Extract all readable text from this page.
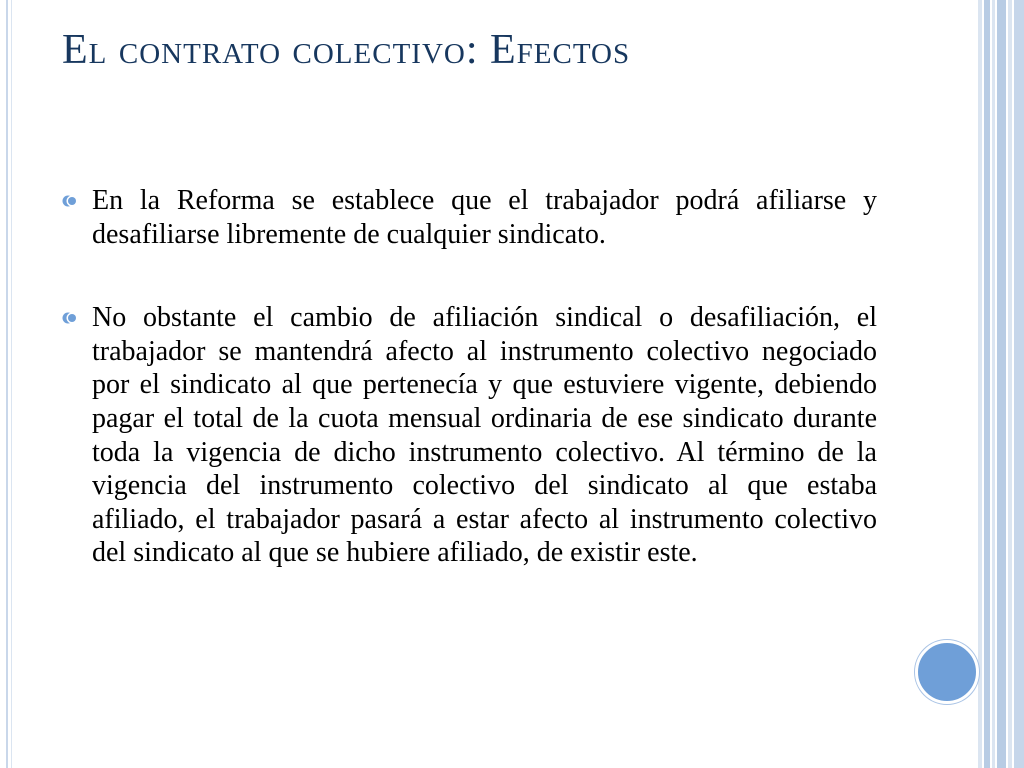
El contrato colectivo: Efectos
En la Reforma se establece que el trabajador podrá afiliarse y desafiliarse libremente de cualquier sindicato.
No obstante el cambio de afiliación sindical o desafiliación, el trabajador se mantendrá afecto al instrumento colectivo negociado por el sindicato al que pertenecía y que estuviere vigente, debiendo pagar el total de la cuota mensual ordinaria de ese sindicato durante toda la vigencia de dicho instrumento colectivo. Al término de la vigencia del instrumento colectivo del sindicato al que estaba afiliado, el trabajador pasará a estar afecto al instrumento colectivo del sindicato al que se hubiere afiliado, de existir este.
